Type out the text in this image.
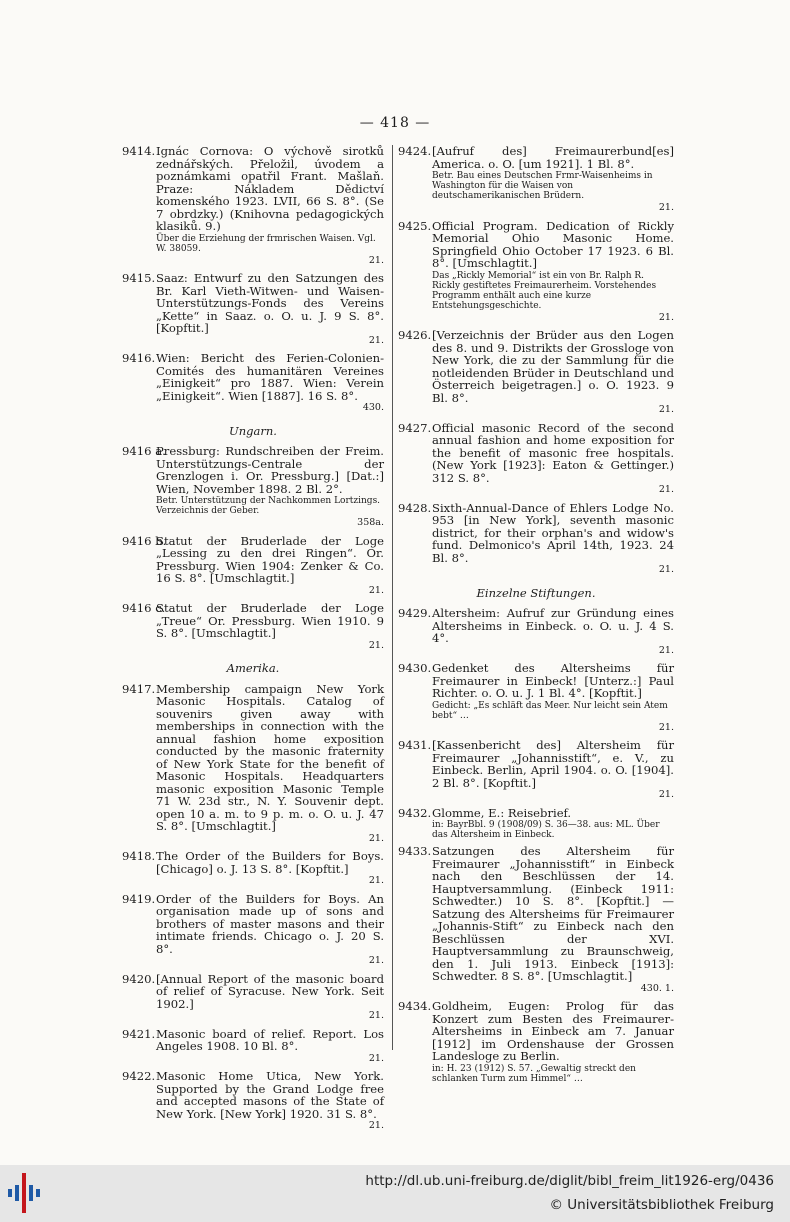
— 418 —
9414. Ignác Cornova: O výchově sirotků zednářských. Přeložil, úvodem a poznámkami opatřil Frant. Mašlaň. Praze: Nákladem Dědictví komenského 1923. LVII, 66 S. 8°. (Se 7 obrdzky.) (Knihovna pedagogických klasiků. 9.)
Über die Erziehung der frmrischen Waisen. Vgl. W. 38059.
21.
9415. Saaz: Entwurf zu den Satzungen des Br. Karl Vieth-Witwen- und Waisen-Unterstützungs-Fonds des Vereins „Kette“ in Saaz. o. O. u. J. 9 S. 8°. [Kopftit.]
21.
9416. Wien: Bericht des Ferien-Colonien-Comités des humanitären Vereines „Einigkeit“ pro 1887. Wien: Verein „Einigkeit“. Wien [1887]. 16 S. 8°.
430.
Ungarn.
9416 a.
Pressburg: Rundschreiben der Freim. Unterstützungs-Centrale der Grenzlogen i. Or. Pressburg.] [Dat.:] Wien, November 1898. 2 Bl. 2°.
Betr. Unterstützung der Nachkommen Lortzings. Verzeichnis der Geber.
358a.
9416 b.
Statut der Bruderlade der Loge „Lessing zu den drei Ringen“. Or. Pressburg. Wien 1904: Zenker & Co. 16 S. 8°. [Umschlagtit.]
21.
9416 c.
Statut der Bruderlade der Loge „Treue“ Or. Pressburg. Wien 1910. 9 S. 8°. [Umschlagtit.]
21.
Amerika.
9417. Membership campaign New York Masonic Hospitals. Catalog of souvenirs given away with memberships in connection with the annual fashion home exposition conducted by the masonic fraternity of New York State for the benefit of Masonic Hospitals. Headquarters masonic exposition Masonic Temple 71 W. 23d str., N. Y. Souvenir dept. open 10 a. m. to 9 p. m. o. O. u. J. 47 S. 8°. [Umschlagtit.]
21.
9418. The Order of the Builders for Boys. [Chicago] o. J. 13 S. 8°. [Kopftit.]
21.
9419. Order of the Builders for Boys. An organisation made up of sons and brothers of master masons and their intimate friends. Chicago o. J. 20 S. 8°.
21.
9420. [Annual Report of the masonic board of relief of Syracuse. New York. Seit 1902.]
21.
9421. Masonic board of relief. Report. Los Angeles 1908. 10 Bl. 8°.
21.
9422. Masonic Home Utica, New York. Supported by the Grand Lodge free and accepted masons of the State of New York. [New York] 1920. 31 S. 8°.
21.
9424. [Aufruf des] Freimaurerbund[es] America. o. O. [um 1921]. 1 Bl. 8°.
Betr. Bau eines Deutschen Frmr-Waisenheims in Washington für die Waisen von deutschamerikanischen Brüdern.
21.
9425. Official Program. Dedication of Rickly Memorial Ohio Masonic Home. Springfield Ohio October 17 1923. 6 Bl. 8°. [Umschlagtit.]
Das „Rickly Memorial“ ist ein von Br. Ralph R. Rickly gestiftetes Freimaurerheim. Vorstehendes Programm enthält auch eine kurze Entstehungsgeschichte.
21.
9426. [Verzeichnis der Brüder aus den Logen des 8. und 9. Distrikts der Grossloge von New York, die zu der Sammlung für die notleidenden Brüder in Deutschland und Österreich beigetragen.] o. O. 1923. 9 Bl. 8°.
21.
9427. Official masonic Record of the second annual fashion and home exposition for the benefit of masonic free hospitals. (New York [1923]: Eaton & Gettinger.) 312 S. 8°.
21.
9428. Sixth-Annual-Dance of Ehlers Lodge No. 953 [in New York], seventh masonic district, for their orphan's and widow's fund. Delmonico's April 14th, 1923. 24 Bl. 8°.
21.
Einzelne Stiftungen.
9429. Altersheim: Aufruf zur Gründung eines Altersheims in Einbeck. o. O. u. J. 4 S. 4°.
21.
9430. Gedenket des Altersheims für Freimaurer in Einbeck! [Unterz.:] Paul Richter. o. O. u. J. 1 Bl. 4°. [Kopftit.]
Gedicht: „Es schläft das Meer. Nur leicht sein Atem bebt“ …
21.
9431. [Kassenbericht des] Altersheim für Freimaurer „Johannisstift“, e. V., zu Einbeck. Berlin, April 1904. o. O. [1904]. 2 Bl. 8°. [Kopftit.]
21.
9432. Glomme, E.: Reisebrief.
in: BayrBbl. 9 (1908/09) S. 36—38. aus: ML. Über das Altersheim in Einbeck.
9433. Satzungen des Altersheim für Freimaurer „Johannisstift“ in Einbeck nach den Beschlüssen der 14. Hauptversammlung. (Einbeck 1911: Schwedter.) 10 S. 8°. [Kopftit.] — Satzung des Altersheims für Freimaurer „Johannis-Stift“ zu Einbeck nach den Beschlüssen der XVI. Hauptversammlung zu Braunschweig, den 1. Juli 1913. Einbeck [1913]: Schwedter. 8 S. 8°. [Umschlagtit.]
430. 1.
9434. Goldheim, Eugen: Prolog für das Konzert zum Besten des Freimaurer-Altersheims in Einbeck am 7. Januar [1912] im Ordenshause der Grossen Landesloge zu Berlin.
in: H. 23 (1912) S. 57. „Gewaltig streckt den schlanken Turm zum Himmel“ …
http://dl.ub.uni-freiburg.de/diglit/bibl_freim_lit1926-erg/0436
© Universitätsbibliothek Freiburg
